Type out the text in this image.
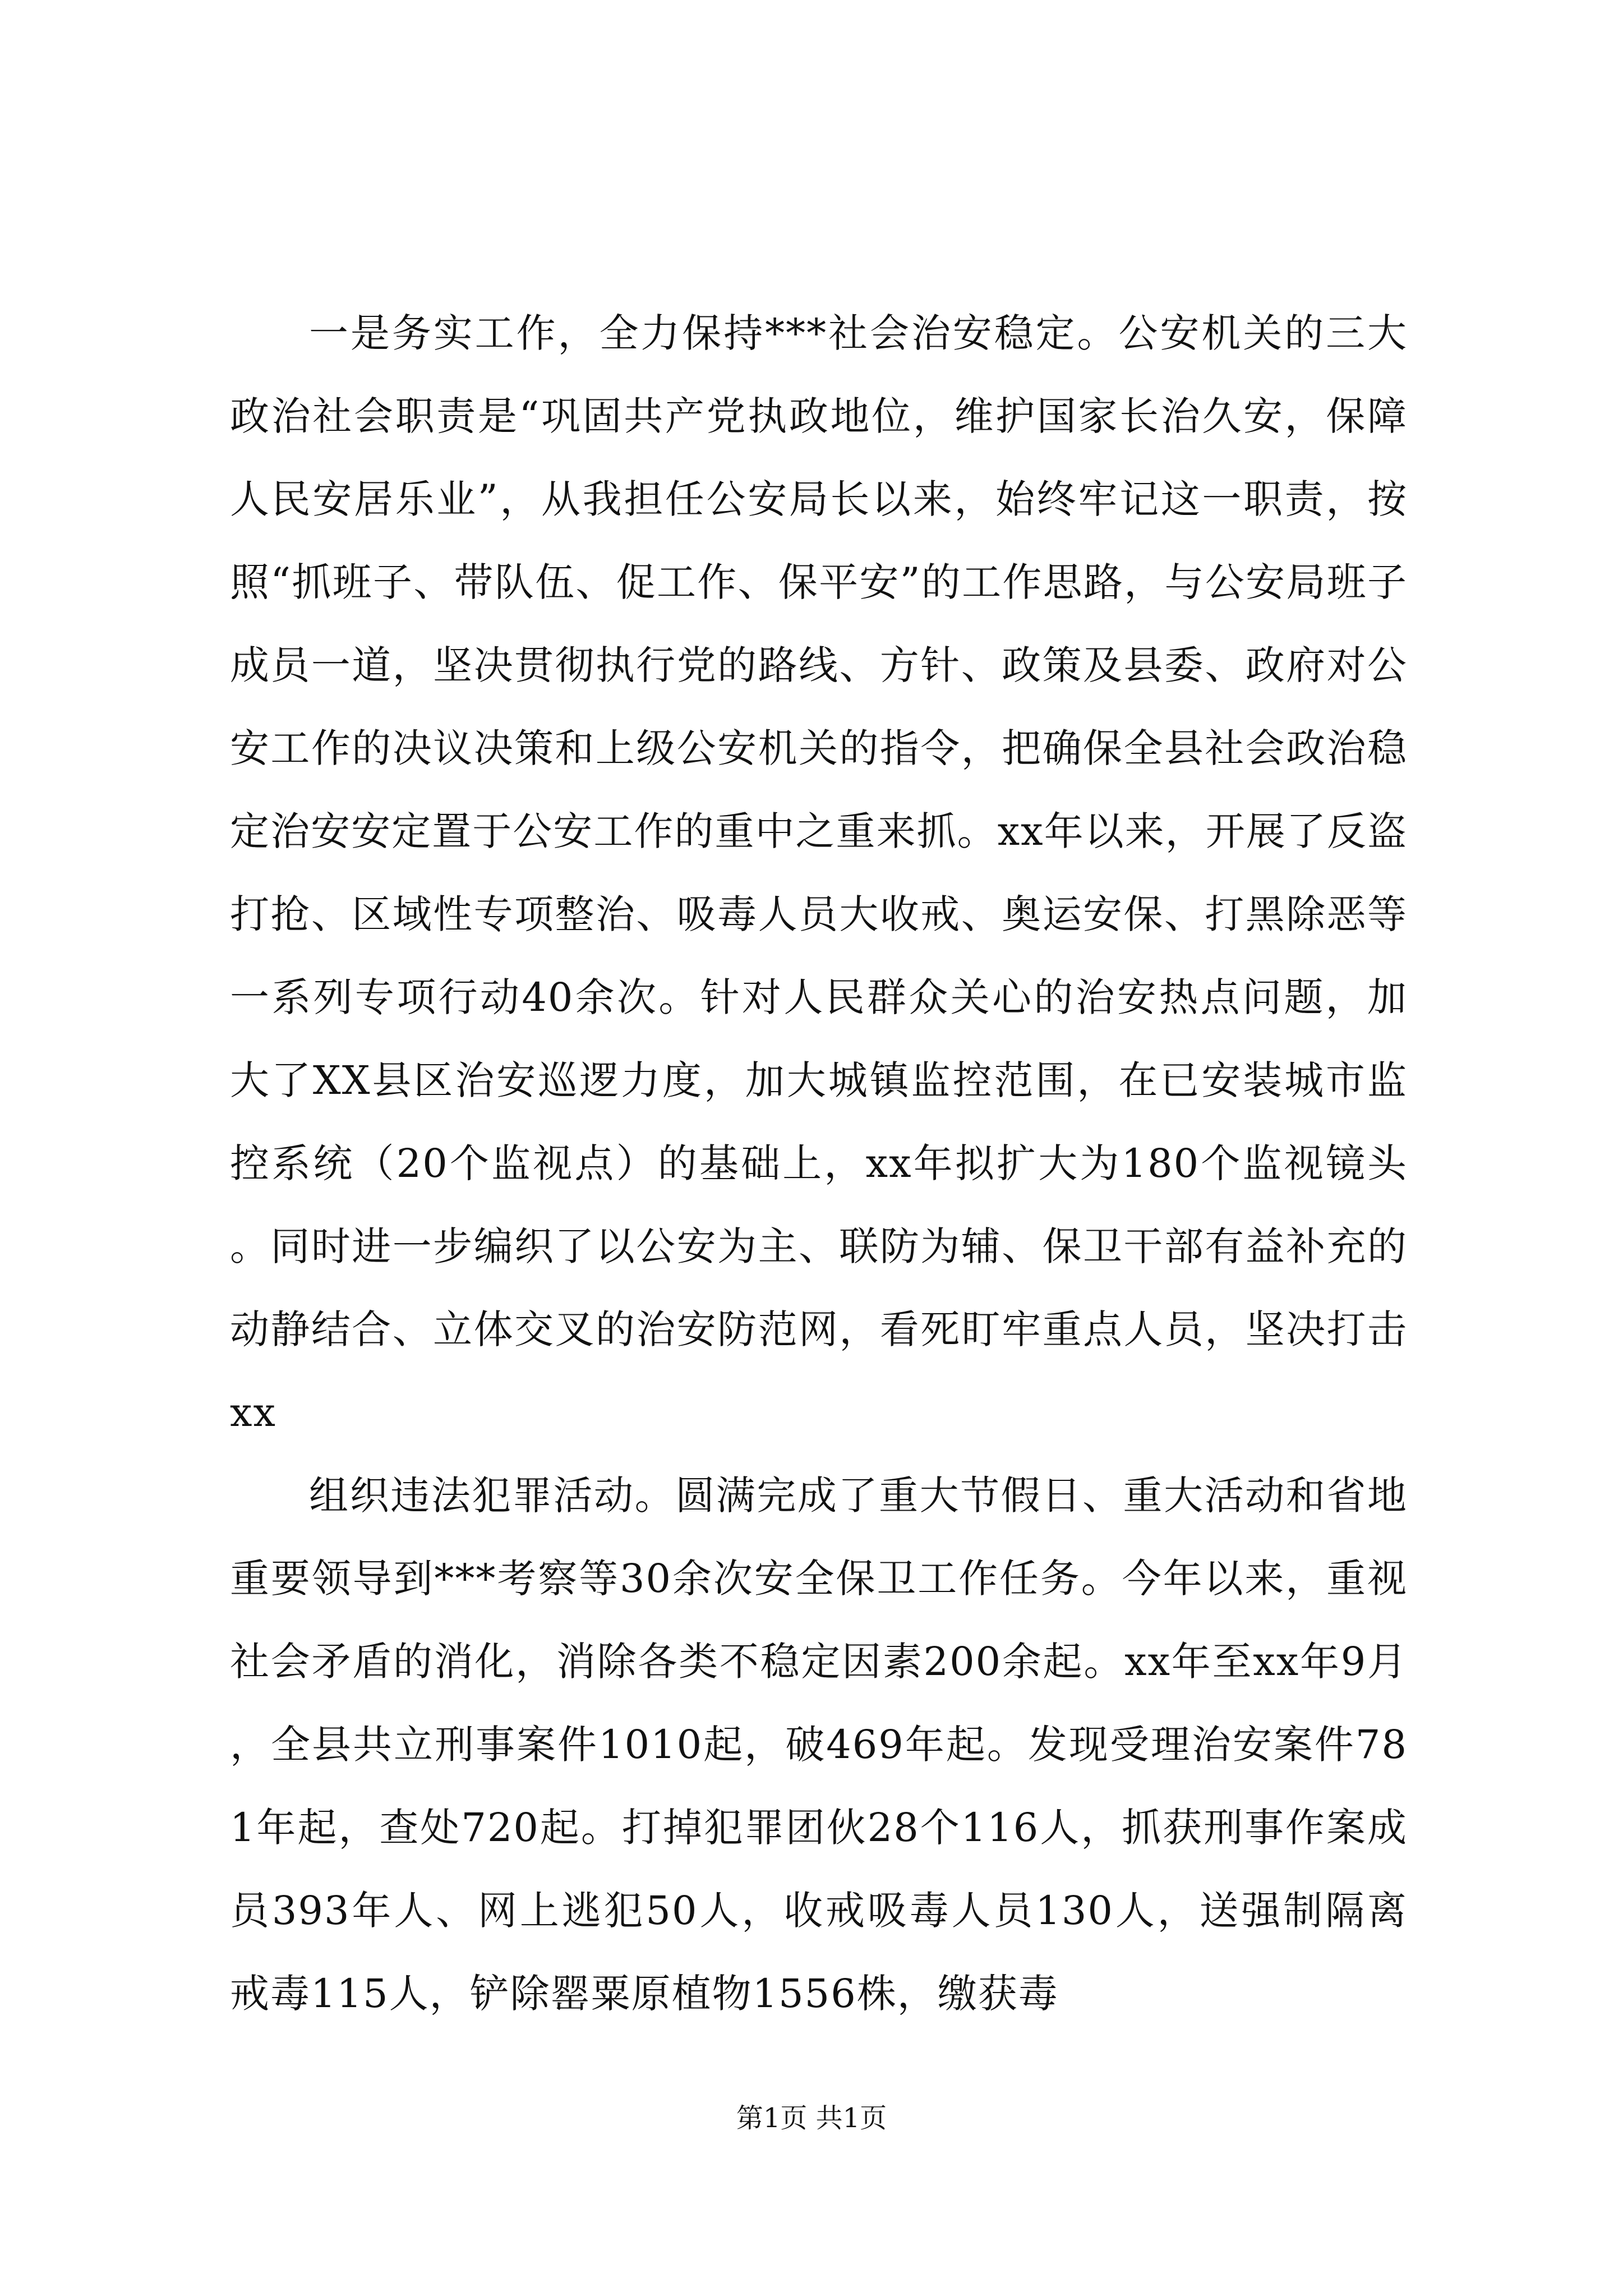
一是务实工作，全力保持***社会治安稳定。公安机关的三大政治社会职责是“巩固共产党执政地位，维护国家长治久安，保障人民安居乐业”，从我担任公安局长以来，始终牢记这一职责，按照“抓班子、带队伍、促工作、保平安”的工作思路，与公安局班子成员一道，坚决贯彻执行党的路线、方针、政策及县委、政府对公安工作的决议决策和上级公安机关的指令，把确保全县社会政治稳定治安安定置于公安工作的重中之重来抓。xx年以来，开展了反盗打抢、区域性专项整治、吸毒人员大收戒、奥运安保、打黑除恶等一系列专项行动40余次。针对人民群众关心的治安热点问题，加大了XX县区治安巡逻力度，加大城镇监控范围，在已安装城市监控系统（20个监视点）的基础上，xx年拟扩大为180个监视镜头。同时进一步编织了以公安为主、联防为辅、保卫干部有益补充的动静结合、立体交叉的治安防范网，看死盯牢重点人员，坚决打击xx

组织违法犯罪活动。圆满完成了重大节假日、重大活动和省地重要领导到***考察等30余次安全保卫工作任务。今年以来，重视社会矛盾的消化，消除各类不稳定因素200余起。xx年至xx年9月，全县共立刑事案件1010起，破469年起。发现受理治安案件781年起，查处720起。打掉犯罪团伙28个116人，抓获刑事作案成员393年人、网上逃犯50人，收戒吸毒人员130人，送强制隔离戒毒115人，铲除罂粟原植物1556株，缴获毒

第1页 共1页
